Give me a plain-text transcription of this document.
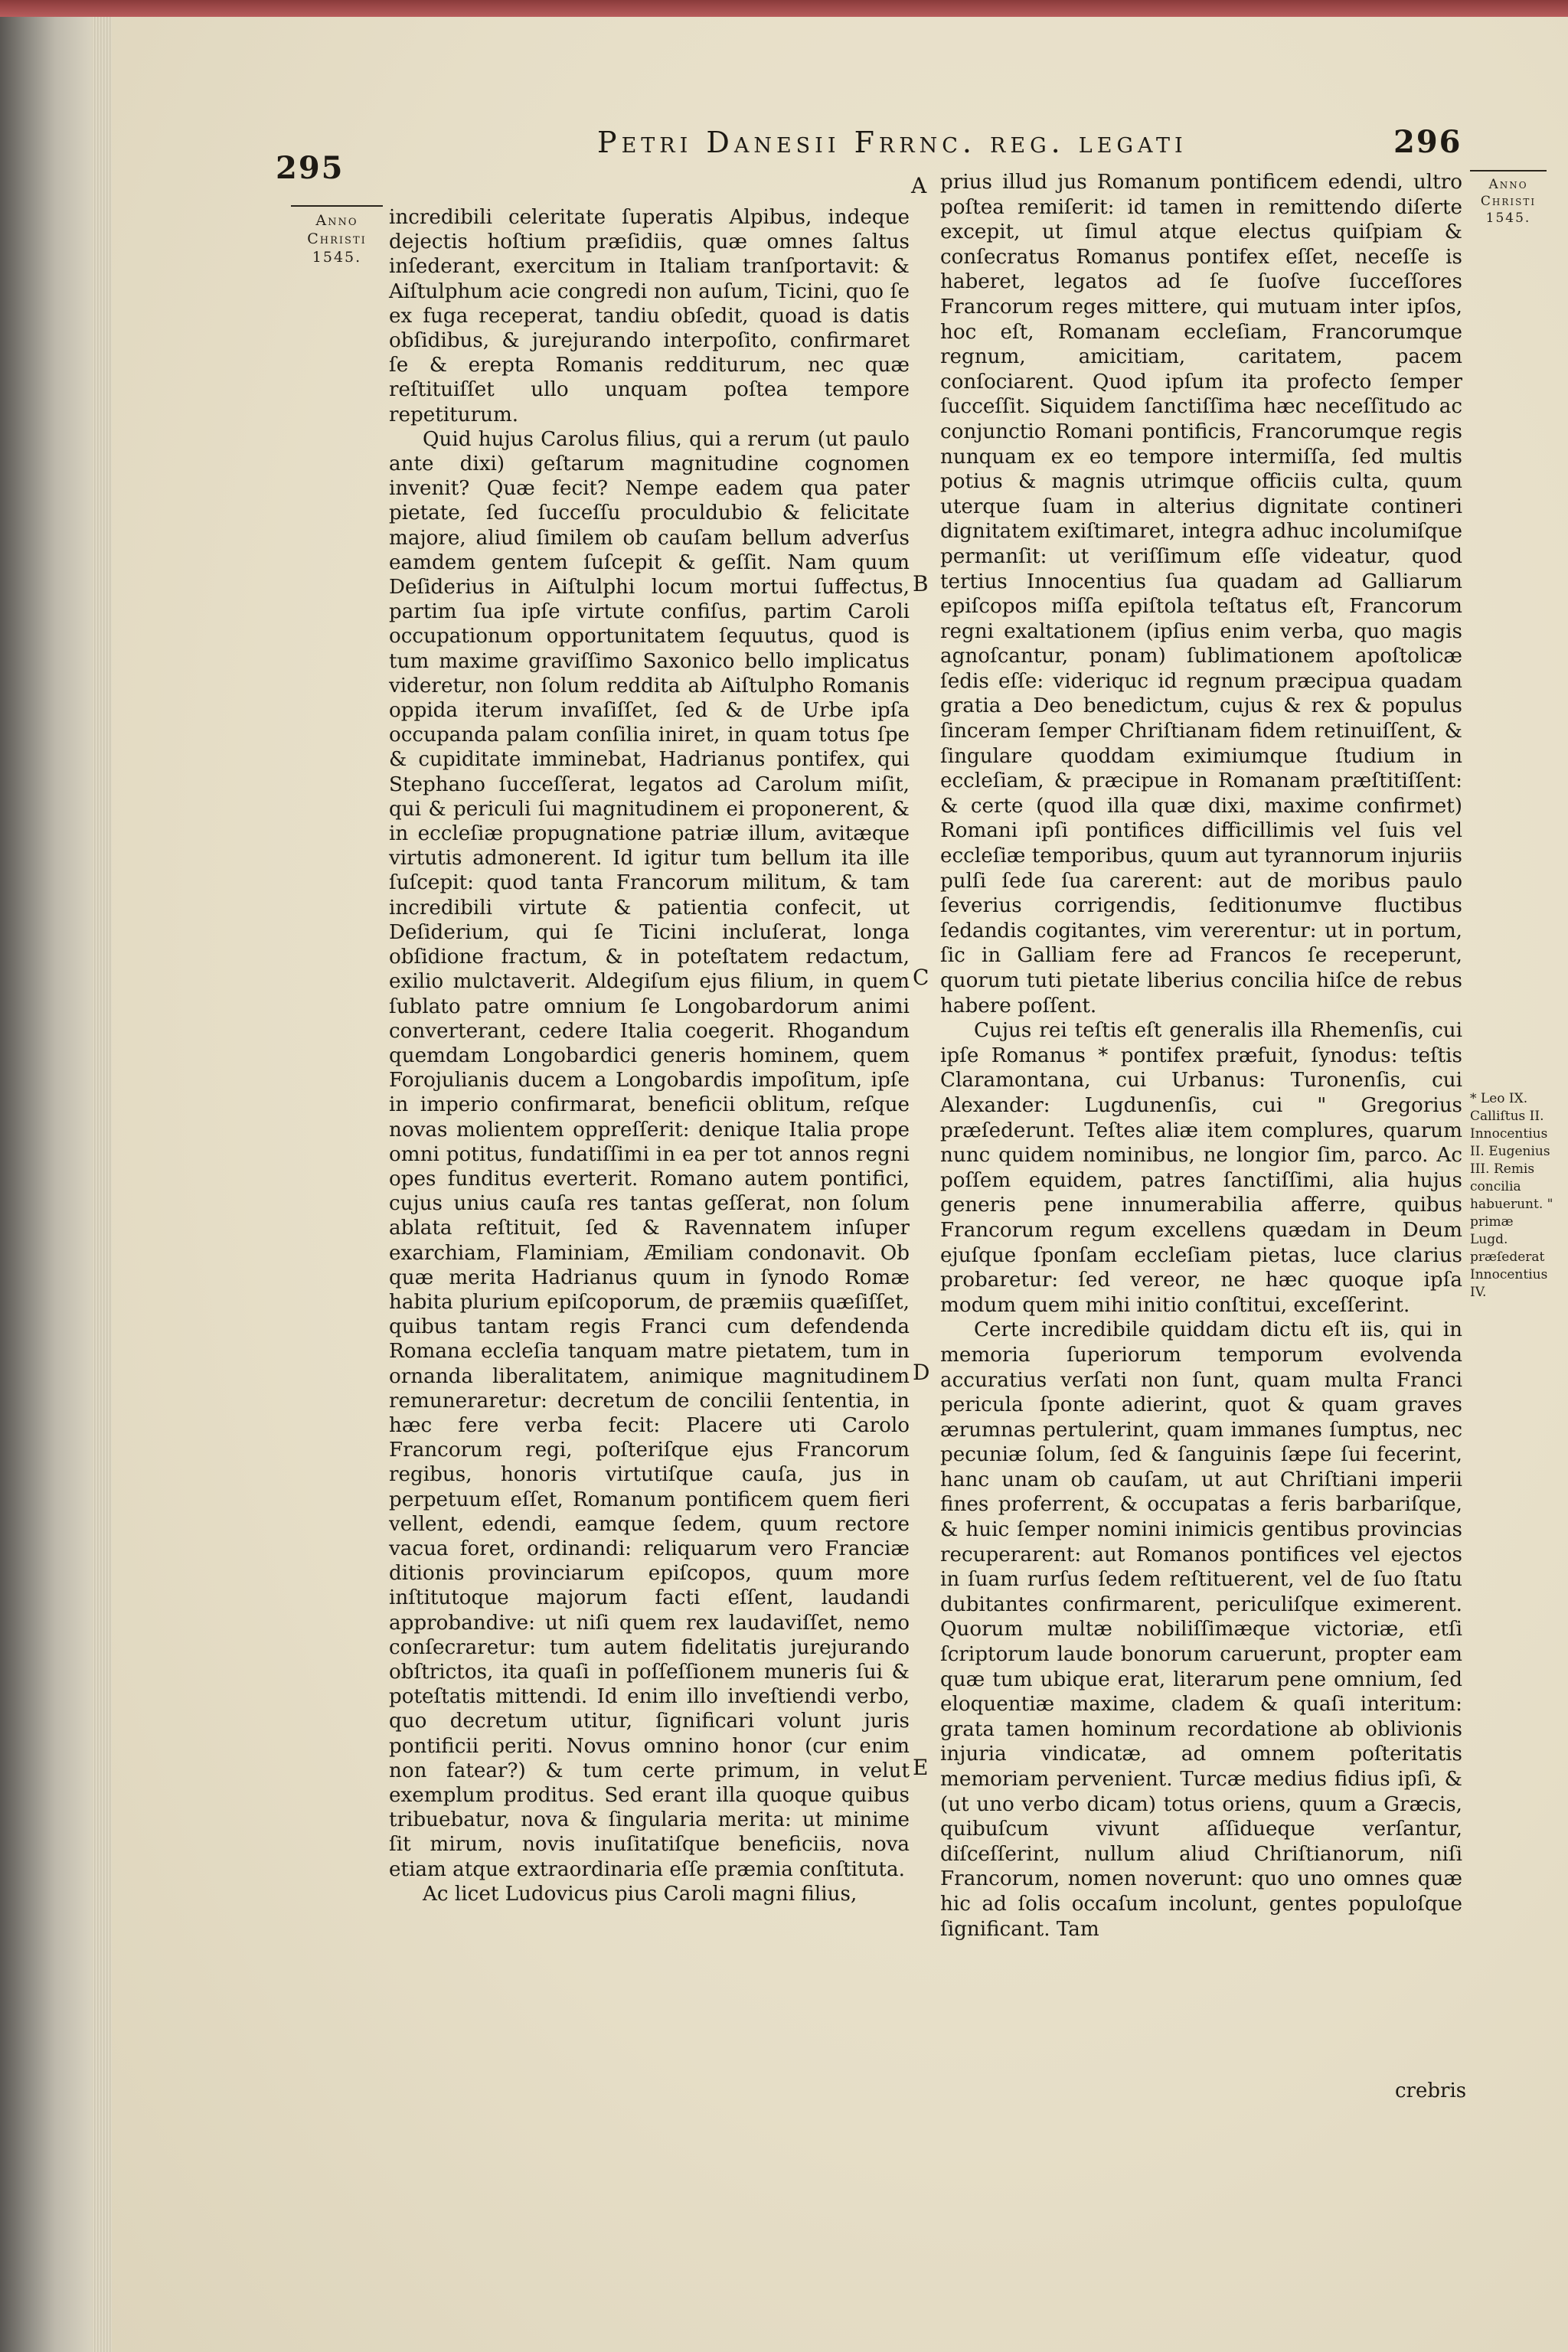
295
Petri Danesii Frrnc. reg. legati	296
Anno
Christi
1545.
Anno
Christi
1545.

incredibili celeritate ſuperatis Alpibus, indeque dejectis hoſtium præſidiis, quæ omnes ſaltus inſederant, exercitum in Italiam tranſportavit: & Aiſtulphum acie congredi non auſum, Ticini, quo ſe ex fuga receperat, tandiu obſedit, quoad is datis obſidibus, & jurejurando interpoſito, confirmaret ſe & erepta Romanis redditurum, nec quæ reſtituiſſet ullo unquam poſtea tempore repetiturum.

Quid hujus Carolus filius, qui a rerum (ut paulo ante dixi) geſtarum magnitudine cognomen invenit? Quæ fecit? Nempe eadem qua pater pietate, ſed ſucceſſu proculdubio & felicitate majore, aliud ſimilem ob cauſam bellum adverſus eamdem gentem ſuſcepit & geſſit. Nam quum Deſiderius in Aiſtulphi locum mortui ſuffectus, partim ſua ipſe virtute confiſus, partim Caroli occupationum opportunitatem ſequutus, quod is tum maxime graviſſimo Saxonico bello implicatus videretur, non ſolum reddita ab Aiſtulpho Romanis oppida iterum invaſiſſet, ſed & de Urbe ipſa occupanda palam conſilia iniret, in quam totus ſpe & cupiditate imminebat, Hadrianus pontifex, qui Stephano ſucceſſerat, legatos ad Carolum miſit, qui & periculi ſui magnitudinem ei proponerent, & in eccleſiæ propugnatione patriæ illum, avitæque virtutis admonerent. Id igitur tum bellum ita ille ſuſcepit: quod tanta Francorum militum, & tam incredibili virtute & patientia confecit, ut Deſiderium, qui ſe Ticini incluſerat, longa obſidione fractum, & in poteſtatem redactum, exilio mulctaverit. Aldegiſum ejus filium, in quem ſublato patre omnium ſe Longobardorum animi converterant, cedere Italia coegerit. Rhogandum quemdam Longobardici generis hominem, quem Forojulianis ducem a Longobardis impoſitum, ipſe in imperio confirmarat, beneficii oblitum, reſque novas molientem oppreſſerit: denique Italia prope omni potitus, fundatiſſimi in ea per tot annos regni opes funditus everterit. Romano autem pontifici, cujus unius cauſa res tantas geſſerat, non ſolum ablata reſtituit, ſed & Ravennatem inſuper exarchiam, Flaminiam, Æmiliam condonavit. Ob quæ merita Hadrianus quum in ſynodo Romæ habita plurium epiſcoporum, de præmiis quæſiſſet, quibus tantam regis Franci cum defendenda Romana eccleſia tanquam matre pietatem, tum in ornanda liberalitatem, animique magnitudinem remuneraretur: decretum de concilii ſententia, in hæc fere verba fecit: Placere uti Carolo Francorum regi, poſteriſque ejus Francorum regibus, honoris virtutiſque cauſa, jus in perpetuum eſſet, Romanum pontificem quem fieri vellent, edendi, eamque ſedem, quum rectore vacua foret, ordinandi: reliquarum vero Franciæ ditionis provinciarum epiſcopos, quum more inſtitutoque majorum facti eſſent, laudandi approbandive: ut niſi quem rex laudaviſſet, nemo conſecraretur: tum autem fidelitatis jurejurando obſtrictos, ita quaſi in poſſeſſionem muneris ſui & poteſtatis mittendi. Id enim illo inveſtiendi verbo, quo decretum utitur, ſignificari volunt juris pontificii periti. Novus omnino honor (cur enim non fatear?) & tum certe primum, in velut exemplum proditus. Sed erant illa quoque quibus tribuebatur, nova & ſingularia merita: ut minime ſit mirum, novis inuſitatiſque beneficiis, nova etiam atque extraordinaria eſſe præmia conſtituta.

Ac licet Ludovicus pius Caroli magni filius,

A
B
C
D
E

prius illud jus Romanum pontificem edendi, ultro poſtea remiſerit: id tamen in remittendo diſerte excepit, ut ſimul atque electus quiſpiam & conſecratus Romanus pontifex eſſet, neceſſe is haberet, legatos ad ſe ſuoſve ſucceſſores Francorum reges mittere, qui mutuam inter ipſos, hoc eſt, Romanam eccleſiam, Francorumque regnum, amicitiam, caritatem, pacem conſociarent. Quod ipſum ita profecto ſemper ſucceſſit. Siquidem ſanctiſſima hæc neceſſitudo ac conjunctio Romani pontificis, Francorumque regis nunquam ex eo tempore intermiſſa, ſed multis potius & magnis utrimque officiis culta, quum uterque ſuam in alterius dignitate contineri dignitatem exiſtimaret, integra adhuc incolumiſque permanſit: ut veriſſimum eſſe videatur, quod tertius Innocentius ſua quadam ad Galliarum epiſcopos miſſa epiſtola teſtatus eſt, Francorum regni exaltationem (ipſius enim verba, quo magis agnoſcantur, ponam) ſublimationem apoſtolicæ ſedis eſſe: videriquc id regnum præcipua quadam gratia a Deo benedictum, cujus & rex & populus ſinceram ſemper Chriſtianam fidem retinuiſſent, & ſingulare quoddam eximiumque ſtudium in eccleſiam, & præcipue in Romanam præſtitiſſent: & certe (quod illa quæ dixi, maxime confirmet) Romani ipſi pontifices difficillimis vel ſuis vel eccleſiæ temporibus, quum aut tyrannorum injuriis pulſi ſede ſua carerent: aut de moribus paulo ſeverius corrigendis, ſeditionumve fluctibus ſedandis cogitantes, vim vererentur: ut in portum, ſic in Galliam fere ad Francos ſe receperunt, quorum tuti pietate liberius concilia hiſce de rebus habere poſſent.

Cujus rei teſtis eſt generalis illa Rhemenſis, cui ipſe Romanus * pontifex præfuit, ſynodus: teſtis Claramontana, cui Urbanus: Turonenſis, cui Alexander: Lugdunenſis, cui " Gregorius præſederunt. Teſtes aliæ item complures, quarum nunc quidem nominibus, ne longior ſim, parco. Ac poſſem equidem, patres ſanctiſſimi, alia hujus generis pene innumerabilia afferre, quibus Francorum regum excellens quædam in Deum ejuſque ſponſam eccleſiam pietas, luce clarius probaretur: ſed vereor, ne hæc quoque ipſa modum quem mihi initio conſtitui, exceſſerint.

Certe incredibile quiddam dictu eſt iis, qui in memoria ſuperiorum temporum evolvenda accuratius verſati non ſunt, quam multa Franci pericula ſponte adierint, quot & quam graves ærumnas pertulerint, quam immanes ſumptus, nec pecuniæ ſolum, ſed & ſanguinis ſæpe ſui fecerint, hanc unam ob cauſam, ut aut Chriſtiani imperii fines proferrent, & occupatas a feris barbariſque, & huic ſemper nomini inimicis gentibus provincias recuperarent: aut Romanos pontifices vel ejectos in ſuam rurſus ſedem reſtituerent, vel de ſuo ſtatu dubitantes confirmarent, periculiſque eximerent. Quorum multæ nobiliſſimæque victoriæ, etſi ſcriptorum laude bonorum caruerunt, propter eam quæ tum ubique erat, literarum pene omnium, ſed eloquentiæ maxime, cladem & quaſi interitum: grata tamen hominum recordatione ab oblivionis injuria vindicatæ, ad omnem poſteritatis memoriam pervenient. Turcæ medius fidius ipſi, & (ut uno verbo dicam) totus oriens, quum a Græcis, quibuſcum vivunt aſſidueque verſantur, diſceſſerint, nullum aliud Chriſtianorum, niſi Francorum, nomen noverunt: quo uno omnes quæ hic ad ſolis occaſum incolunt, gentes populoſque ſignificant. Tam

crebris
* Leo IX. Calliſtus II. Innocentius II. Eugenius III. Remis concilia habuerunt. " primæ Lugd. præſederat Innocentius IV.
